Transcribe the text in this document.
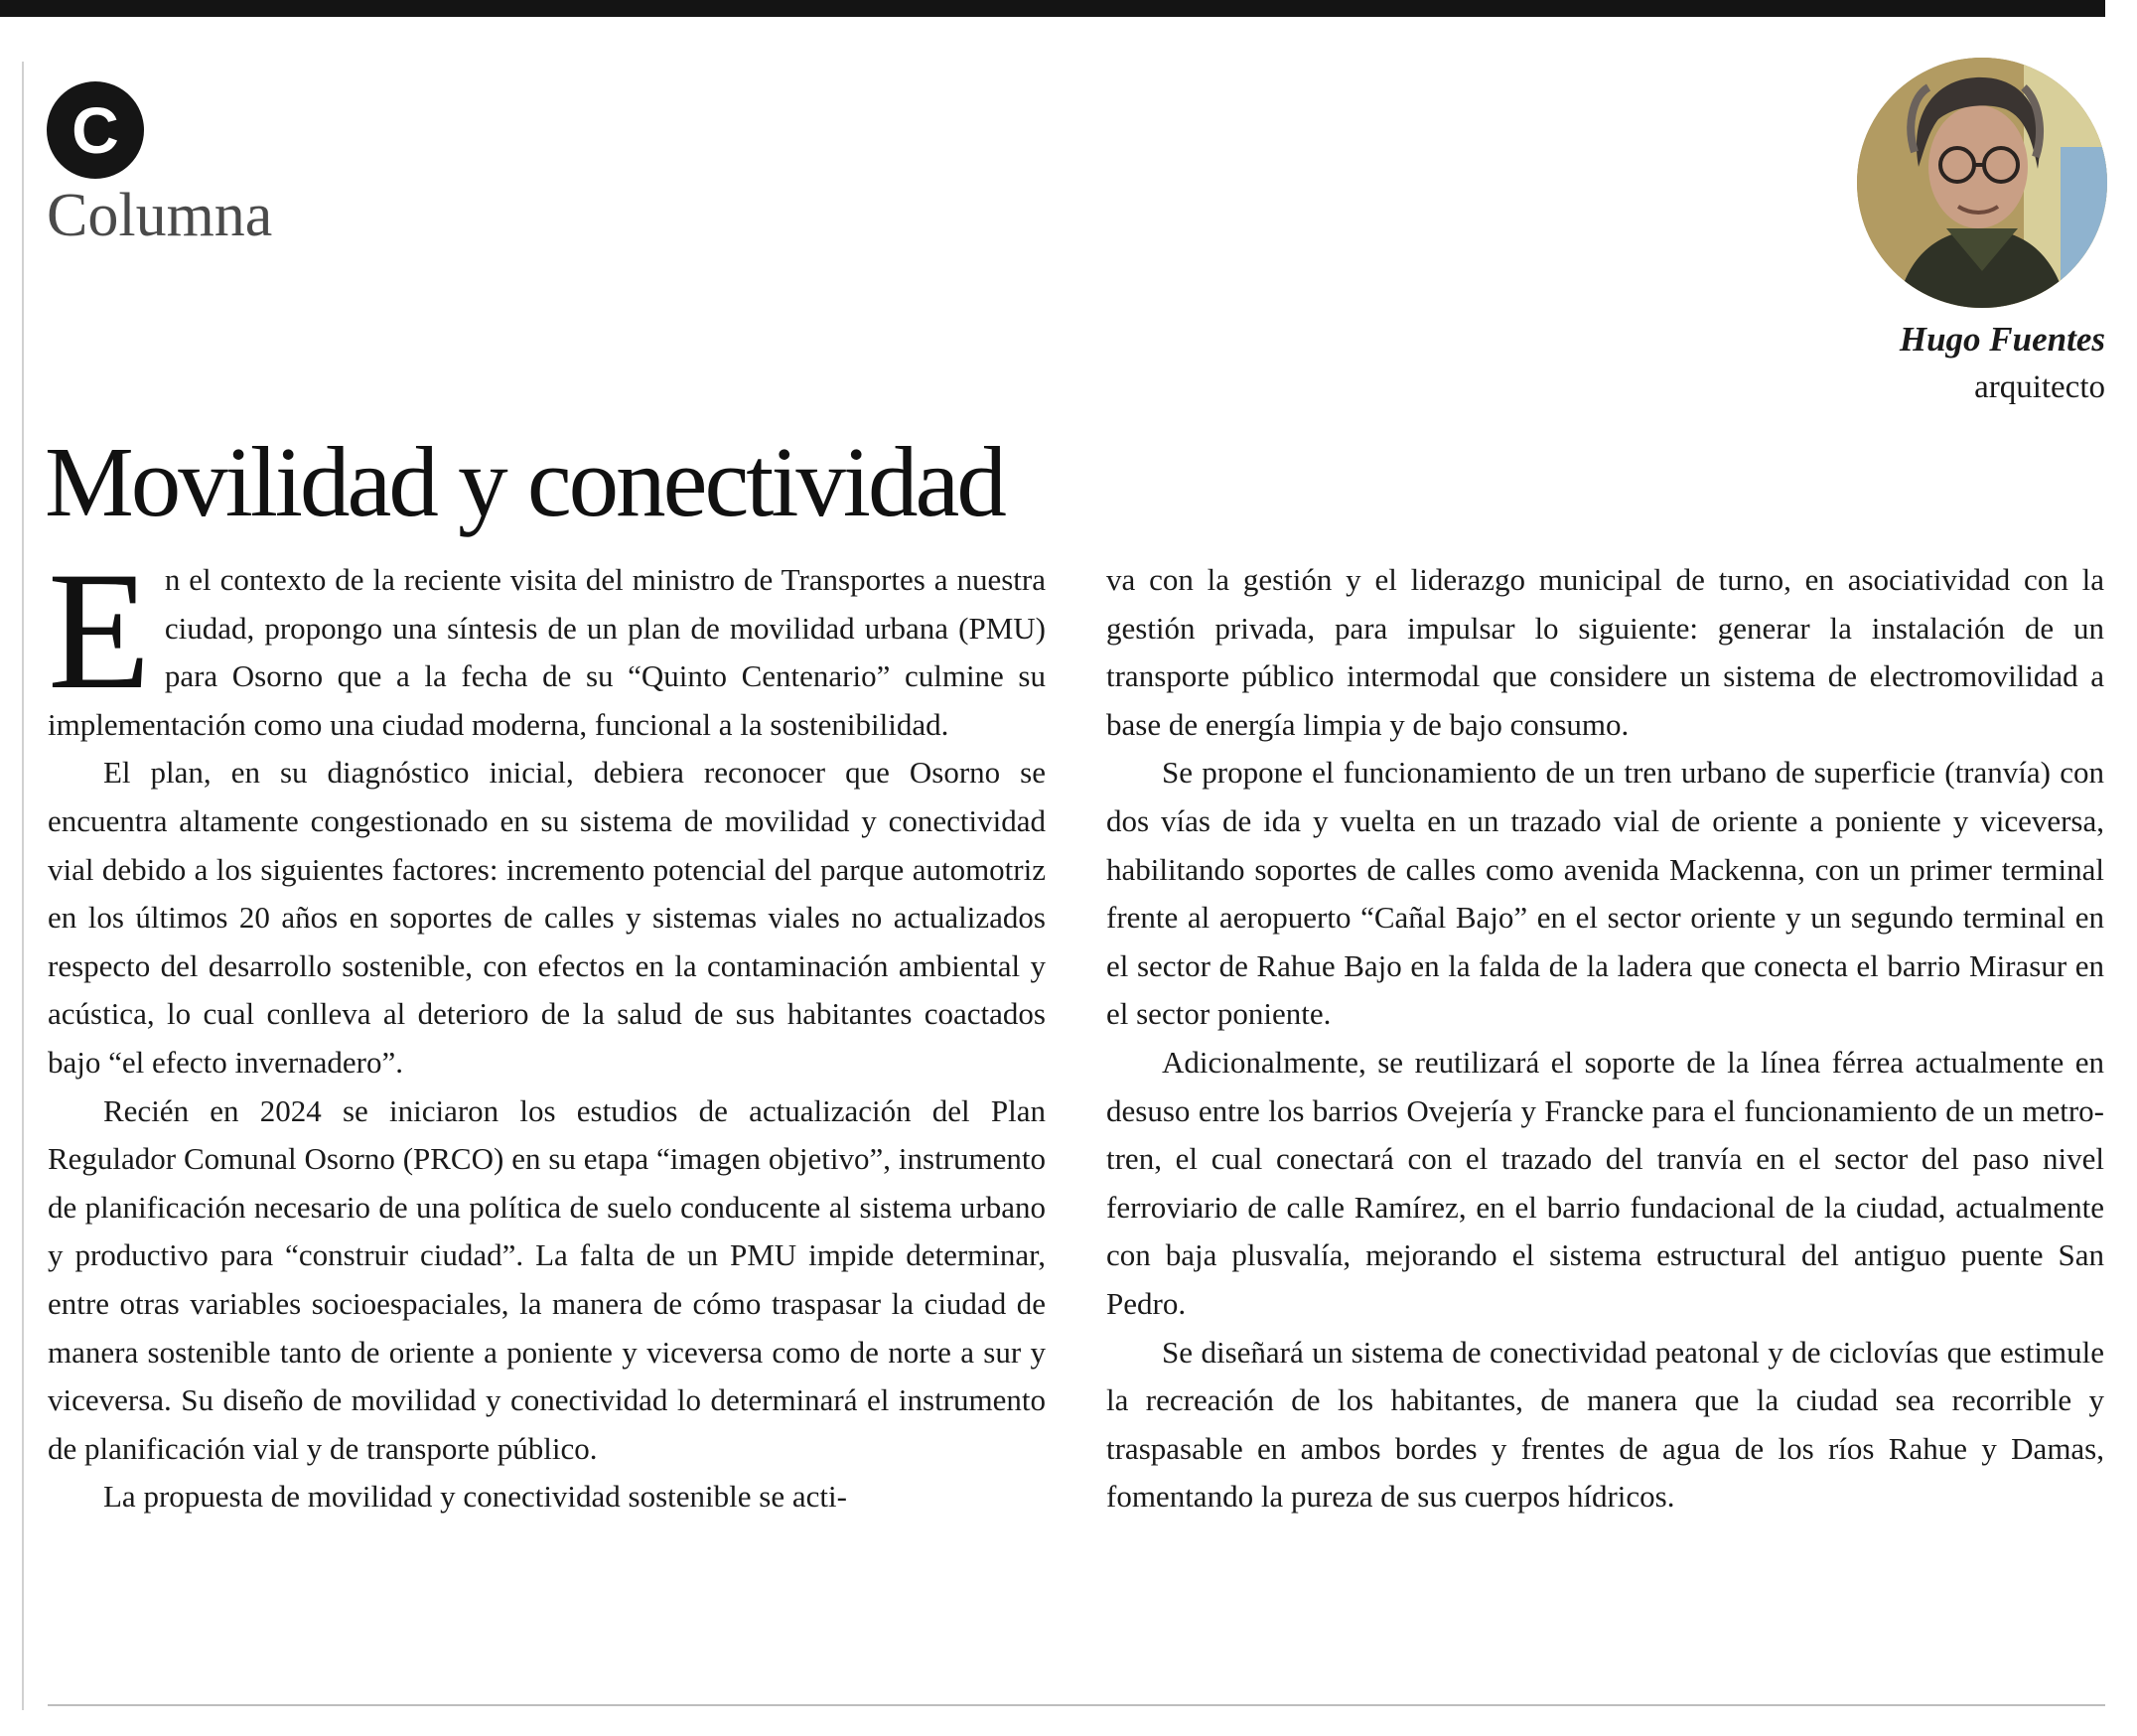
C
Columna
Hugo Fuentes
arquitecto
Movilidad y conectividad

En el contexto de la reciente visita del ministro de Transportes a nuestra ciudad, propongo una síntesis de un plan de movilidad urbana (PMU) para Osorno que a la fecha de su “Quinto Centenario” culmine su implementación como una ciudad moderna, funcional a la sostenibilidad.

El plan, en su diagnóstico inicial, debiera reconocer que Osorno se encuentra altamente congestionado en su sistema de movilidad y conectividad vial debido a los siguientes factores: incremento potencial del parque automotriz en los últimos 20 años en soportes de calles y sistemas viales no actualizados respecto del desarrollo sostenible, con efectos en la contaminación ambiental y acústica, lo cual conlleva al deterioro de la salud de sus habitantes coactados bajo “el efecto invernadero”.

Recién en 2024 se iniciaron los estudios de actualización del Plan Regulador Comunal Osorno (PRCO) en su etapa “imagen objetivo”, instrumento de planificación necesario de una política de suelo conducente al sistema urbano y productivo para “construir ciudad”. La falta de un PMU impide determinar, entre otras variables socioespaciales, la manera de cómo traspasar la ciudad de manera sostenible tanto de oriente a poniente y viceversa como de norte a sur y viceversa. Su diseño de movilidad y conectividad lo determinará el instrumento de planificación vial y de transporte público.

La propuesta de movilidad y conectividad sostenible se acti-

va con la gestión y el liderazgo municipal de turno, en asociatividad con la gestión privada, para impulsar lo siguiente: generar la instalación de un transporte público intermodal que considere un sistema de electromovilidad a base de energía limpia y de bajo consumo.

Se propone el funcionamiento de un tren urbano de superficie (tranvía) con dos vías de ida y vuelta en un trazado vial de oriente a poniente y viceversa, habilitando soportes de calles como avenida Mackenna, con un primer terminal frente al aeropuerto “Cañal Bajo” en el sector oriente y un segundo terminal en el sector de Rahue Bajo en la falda de la ladera que conecta el barrio Mirasur en el sector poniente.

Adicionalmente, se reutilizará el soporte de la línea férrea actualmente en desuso entre los barrios Ovejería y Francke para el funcionamiento de un metro-tren, el cual conectará con el trazado del tranvía en el sector del paso nivel ferroviario de calle Ramírez, en el barrio fundacional de la ciudad, actualmente con baja plusvalía, mejorando el sistema estructural del antiguo puente San Pedro.

Se diseñará un sistema de conectividad peatonal y de ciclovías que estimule la recreación de los habitantes, de manera que la ciudad sea recorrible y traspasable en ambos bordes y frentes de agua de los ríos Rahue y Damas, fomentando la pureza de sus cuerpos hídricos.
